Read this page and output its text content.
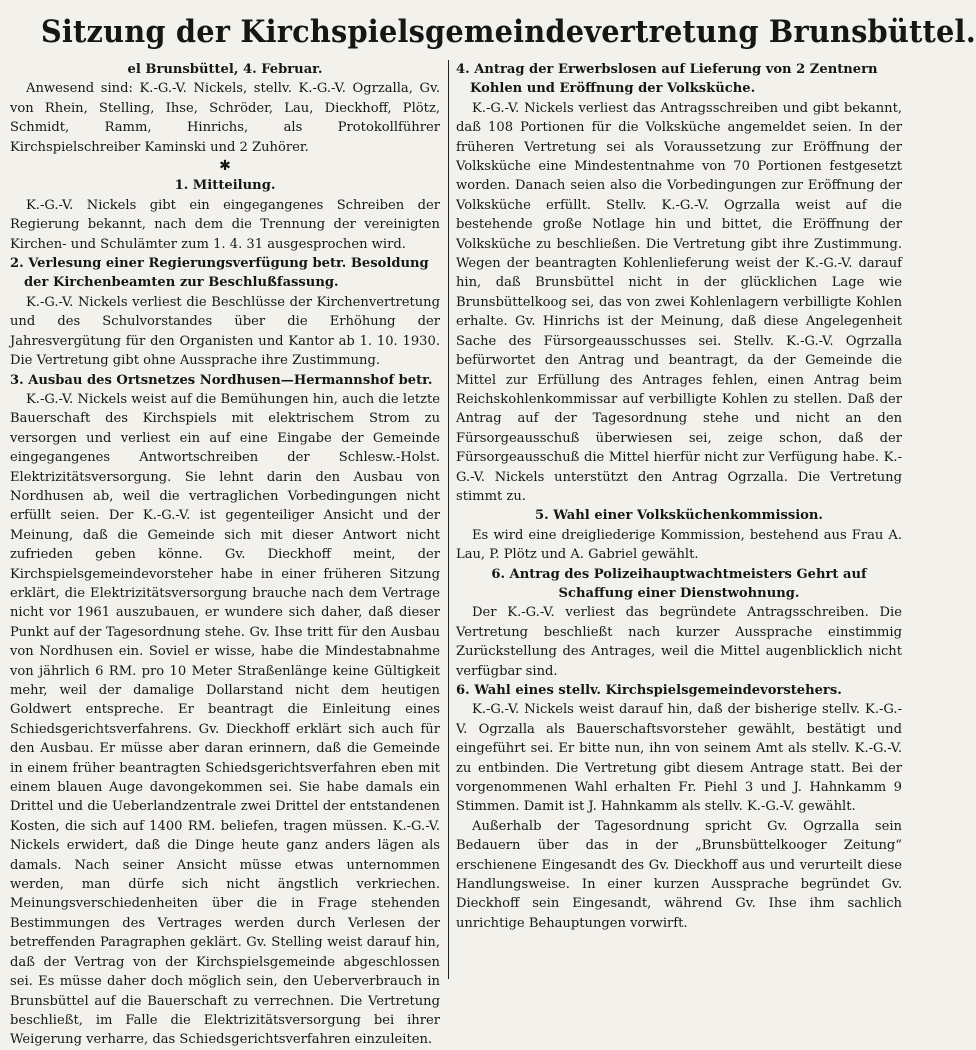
Sitzung der Kirchspielsgemeindevertretung Brunsbüttel.
el Brunsbüttel, 4. Februar.

Anwesend sind: K.-G.-V. Nickels, stellv. K.-G.-V. Ogrzalla, Gv. von Rhein, Stelling, Ihse, Schröder, Lau, Dieckhoff, Plötz, Schmidt, Ramm, Hinrichs, als Protokollführer Kirchspielschreiber Kaminski und 2 Zuhörer.

✱
1. Mitteilung.

K.-G.-V. Nickels gibt ein eingegangenes Schreiben der Regierung bekannt, nach dem die Trennung der vereinigten Kirchen- und Schulämter zum 1. 4. 31 ausgesprochen wird.

2. Verlesung einer Regierungsverfügung betr. Besoldung der Kirchenbeamten zur Beschlußfassung.

K.-G.-V. Nickels verliest die Beschlüsse der Kirchenvertretung und des Schulvorstandes über die Erhöhung der Jahresvergütung für den Organisten und Kantor ab 1. 10. 1930. Die Vertretung gibt ohne Aussprache ihre Zustimmung.

3. Ausbau des Ortsnetzes Nordhusen—Hermannshof betr.

K.-G.-V. Nickels weist auf die Bemühungen hin, auch die letzte Bauerschaft des Kirchspiels mit elektrischem Strom zu versorgen und verliest ein auf eine Eingabe der Gemeinde eingegangenes Antwortschreiben der Schlesw.-Holst. Elektrizitätsversorgung. Sie lehnt darin den Ausbau von Nordhusen ab, weil die vertraglichen Vorbedingungen nicht erfüllt seien. Der K.-G.-V. ist gegenteiliger Ansicht und der Meinung, daß die Gemeinde sich mit dieser Antwort nicht zufrieden geben könne. Gv. Dieckhoff meint, der Kirchspielsgemeindevorsteher habe in einer früheren Sitzung erklärt, die Elektrizitätsversorgung brauche nach dem Vertrage nicht vor 1961 auszubauen, er wundere sich daher, daß dieser Punkt auf der Tagesordnung stehe. Gv. Ihse tritt für den Ausbau von Nordhusen ein. Soviel er wisse, habe die Mindestabnahme von jährlich 6 RM. pro 10 Meter Straßenlänge keine Gültigkeit mehr, weil der damalige Dollarstand nicht dem heutigen Goldwert entspreche. Er beantragt die Einleitung eines Schiedsgerichtsverfahrens. Gv. Dieckhoff erklärt sich auch für den Ausbau. Er müsse aber daran erinnern, daß die Gemeinde in einem früher beantragten Schiedsgerichtsverfahren eben mit einem blauen Auge davongekommen sei. Sie habe damals ein Drittel und die Ueberlandzentrale zwei Drittel der entstandenen Kosten, die sich auf 1400 RM. beliefen, tragen müssen. K.-G.-V. Nickels erwidert, daß die Dinge heute ganz anders lägen als damals. Nach seiner Ansicht müsse etwas unternommen werden, man dürfe sich nicht ängstlich verkriechen. Meinungsverschiedenheiten über die in Frage stehenden Bestimmungen des Vertrages werden durch Verlesen der betreffenden Paragraphen geklärt. Gv. Stelling weist darauf hin, daß der Vertrag von der Kirchspielsgemeinde abgeschlossen sei. Es müsse daher doch möglich sein, den Ueberverbrauch in Brunsbüttel auf die Bauerschaft zu verrechnen. Die Vertretung beschließt, im Falle die Elektrizitätsversorgung bei ihrer Weigerung verharre, das Schiedsgerichtsverfahren einzuleiten.

4. Antrag der Erwerbslosen auf Lieferung von 2 Zentnern Kohlen und Eröffnung der Volksküche.

K.-G.-V. Nickels verliest das Antragsschreiben und gibt bekannt, daß 108 Portionen für die Volksküche angemeldet seien. In der früheren Vertretung sei als Voraussetzung zur Eröffnung der Volksküche eine Mindestentnahme von 70 Portionen festgesetzt worden. Danach seien also die Vorbedingungen zur Eröffnung der Volksküche erfüllt. Stellv. K.-G.-V. Ogrzalla weist auf die bestehende große Notlage hin und bittet, die Eröffnung der Volksküche zu beschließen. Die Vertretung gibt ihre Zustimmung. Wegen der beantragten Kohlenlieferung weist der K.-G.-V. darauf hin, daß Brunsbüttel nicht in der glücklichen Lage wie Brunsbüttelkoog sei, das von zwei Kohlenlagern verbilligte Kohlen erhalte. Gv. Hinrichs ist der Meinung, daß diese Angelegenheit Sache des Fürsorgeausschusses sei. Stellv. K.-G.-V. Ogrzalla befürwortet den Antrag und beantragt, da der Gemeinde die Mittel zur Erfüllung des Antrages fehlen, einen Antrag beim Reichskohlenkommissar auf verbilligte Kohlen zu stellen. Daß der Antrag auf der Tagesordnung stehe und nicht an den Fürsorgeausschuß überwiesen sei, zeige schon, daß der Fürsorgeausschuß die Mittel hierfür nicht zur Verfügung habe. K.-G.-V. Nickels unterstützt den Antrag Ogrzalla. Die Vertretung stimmt zu.

5. Wahl einer Volksküchenkommission.

Es wird eine dreigliederige Kommission, bestehend aus Frau A. Lau, P. Plötz und A. Gabriel gewählt.

6. Antrag des Polizeihauptwachtmeisters Gehrt auf Schaffung einer Dienstwohnung.

Der K.-G.-V. verliest das begründete Antragsschreiben. Die Vertretung beschließt nach kurzer Aussprache einstimmig Zurückstellung des Antrages, weil die Mittel augenblicklich nicht verfügbar sind.

6. Wahl eines stellv. Kirchspielsgemeindevorstehers.

K.-G.-V. Nickels weist darauf hin, daß der bisherige stellv. K.-G.-V. Ogrzalla als Bauerschaftsvorsteher gewählt, bestätigt und eingeführt sei. Er bitte nun, ihn von seinem Amt als stellv. K.-G.-V. zu entbinden. Die Vertretung gibt diesem Antrage statt. Bei der vorgenommenen Wahl erhalten Fr. Piehl 3 und J. Hahnkamm 9 Stimmen. Damit ist J. Hahnkamm als stellv. K.-G.-V. gewählt.

Außerhalb der Tagesordnung spricht Gv. Ogrzalla sein Bedauern über das in der „Brunsbüttelkooger Zeitung“ erschienene Eingesandt des Gv. Dieckhoff aus und verurteilt diese Handlungsweise. In einer kurzen Aussprache begründet Gv. Dieckhoff sein Eingesandt, während Gv. Ihse ihm sachlich unrichtige Behauptungen vorwirft.
